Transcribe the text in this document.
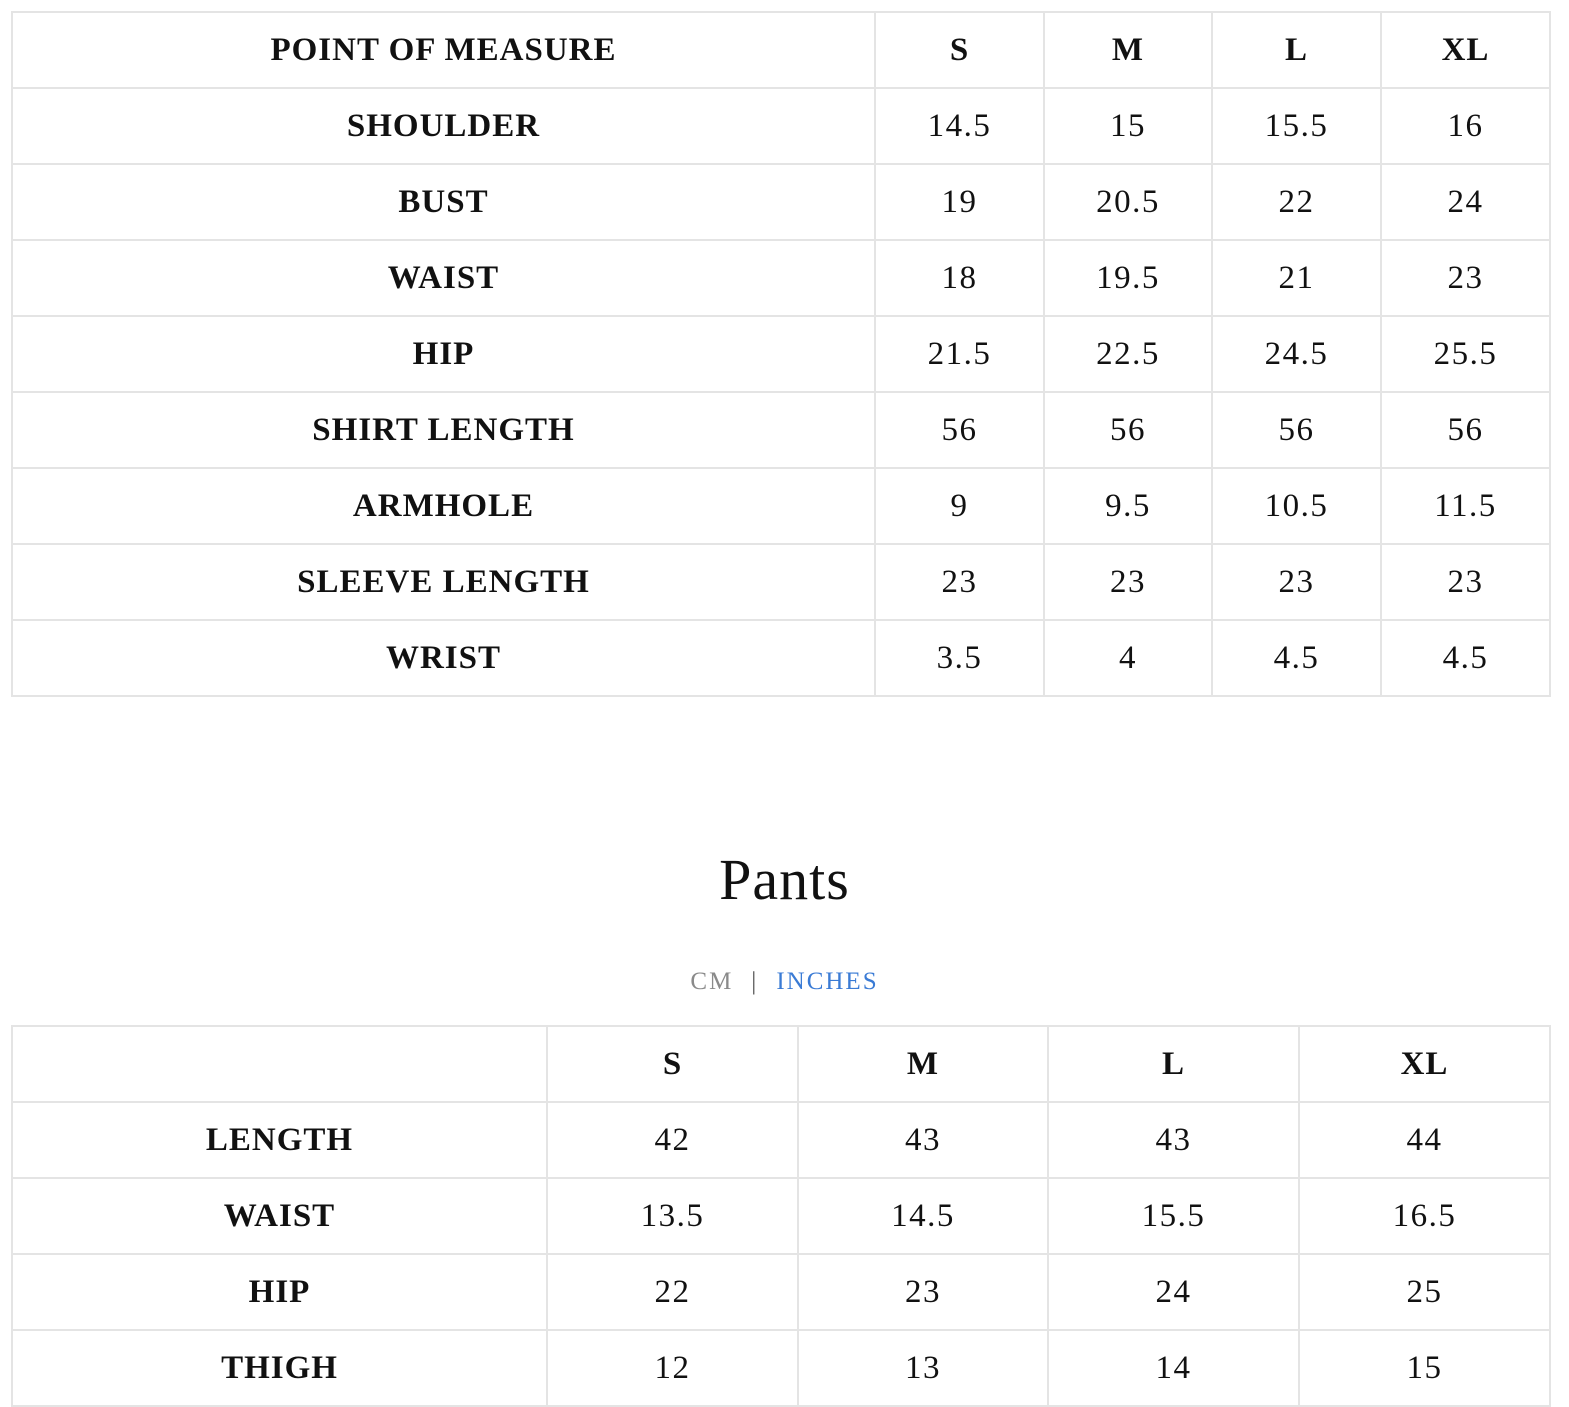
POINT OF MEASURE	S	M	L	XL
SHOULDER	14.5	15	15.5	16
BUST	19	20.5	22	24
WAIST	18	19.5	21	23
HIP	21.5	22.5	24.5	25.5
SHIRT LENGTH	56	56	56	56
ARMHOLE	9	9.5	10.5	11.5
SLEEVE LENGTH	23	23	23	23
WRIST	3.5	4	4.5	4.5
Pants
CM | INCHES
	S	M	L	XL
LENGTH	42	43	43	44
WAIST	13.5	14.5	15.5	16.5
HIP	22	23	24	25
THIGH	12	13	14	15
